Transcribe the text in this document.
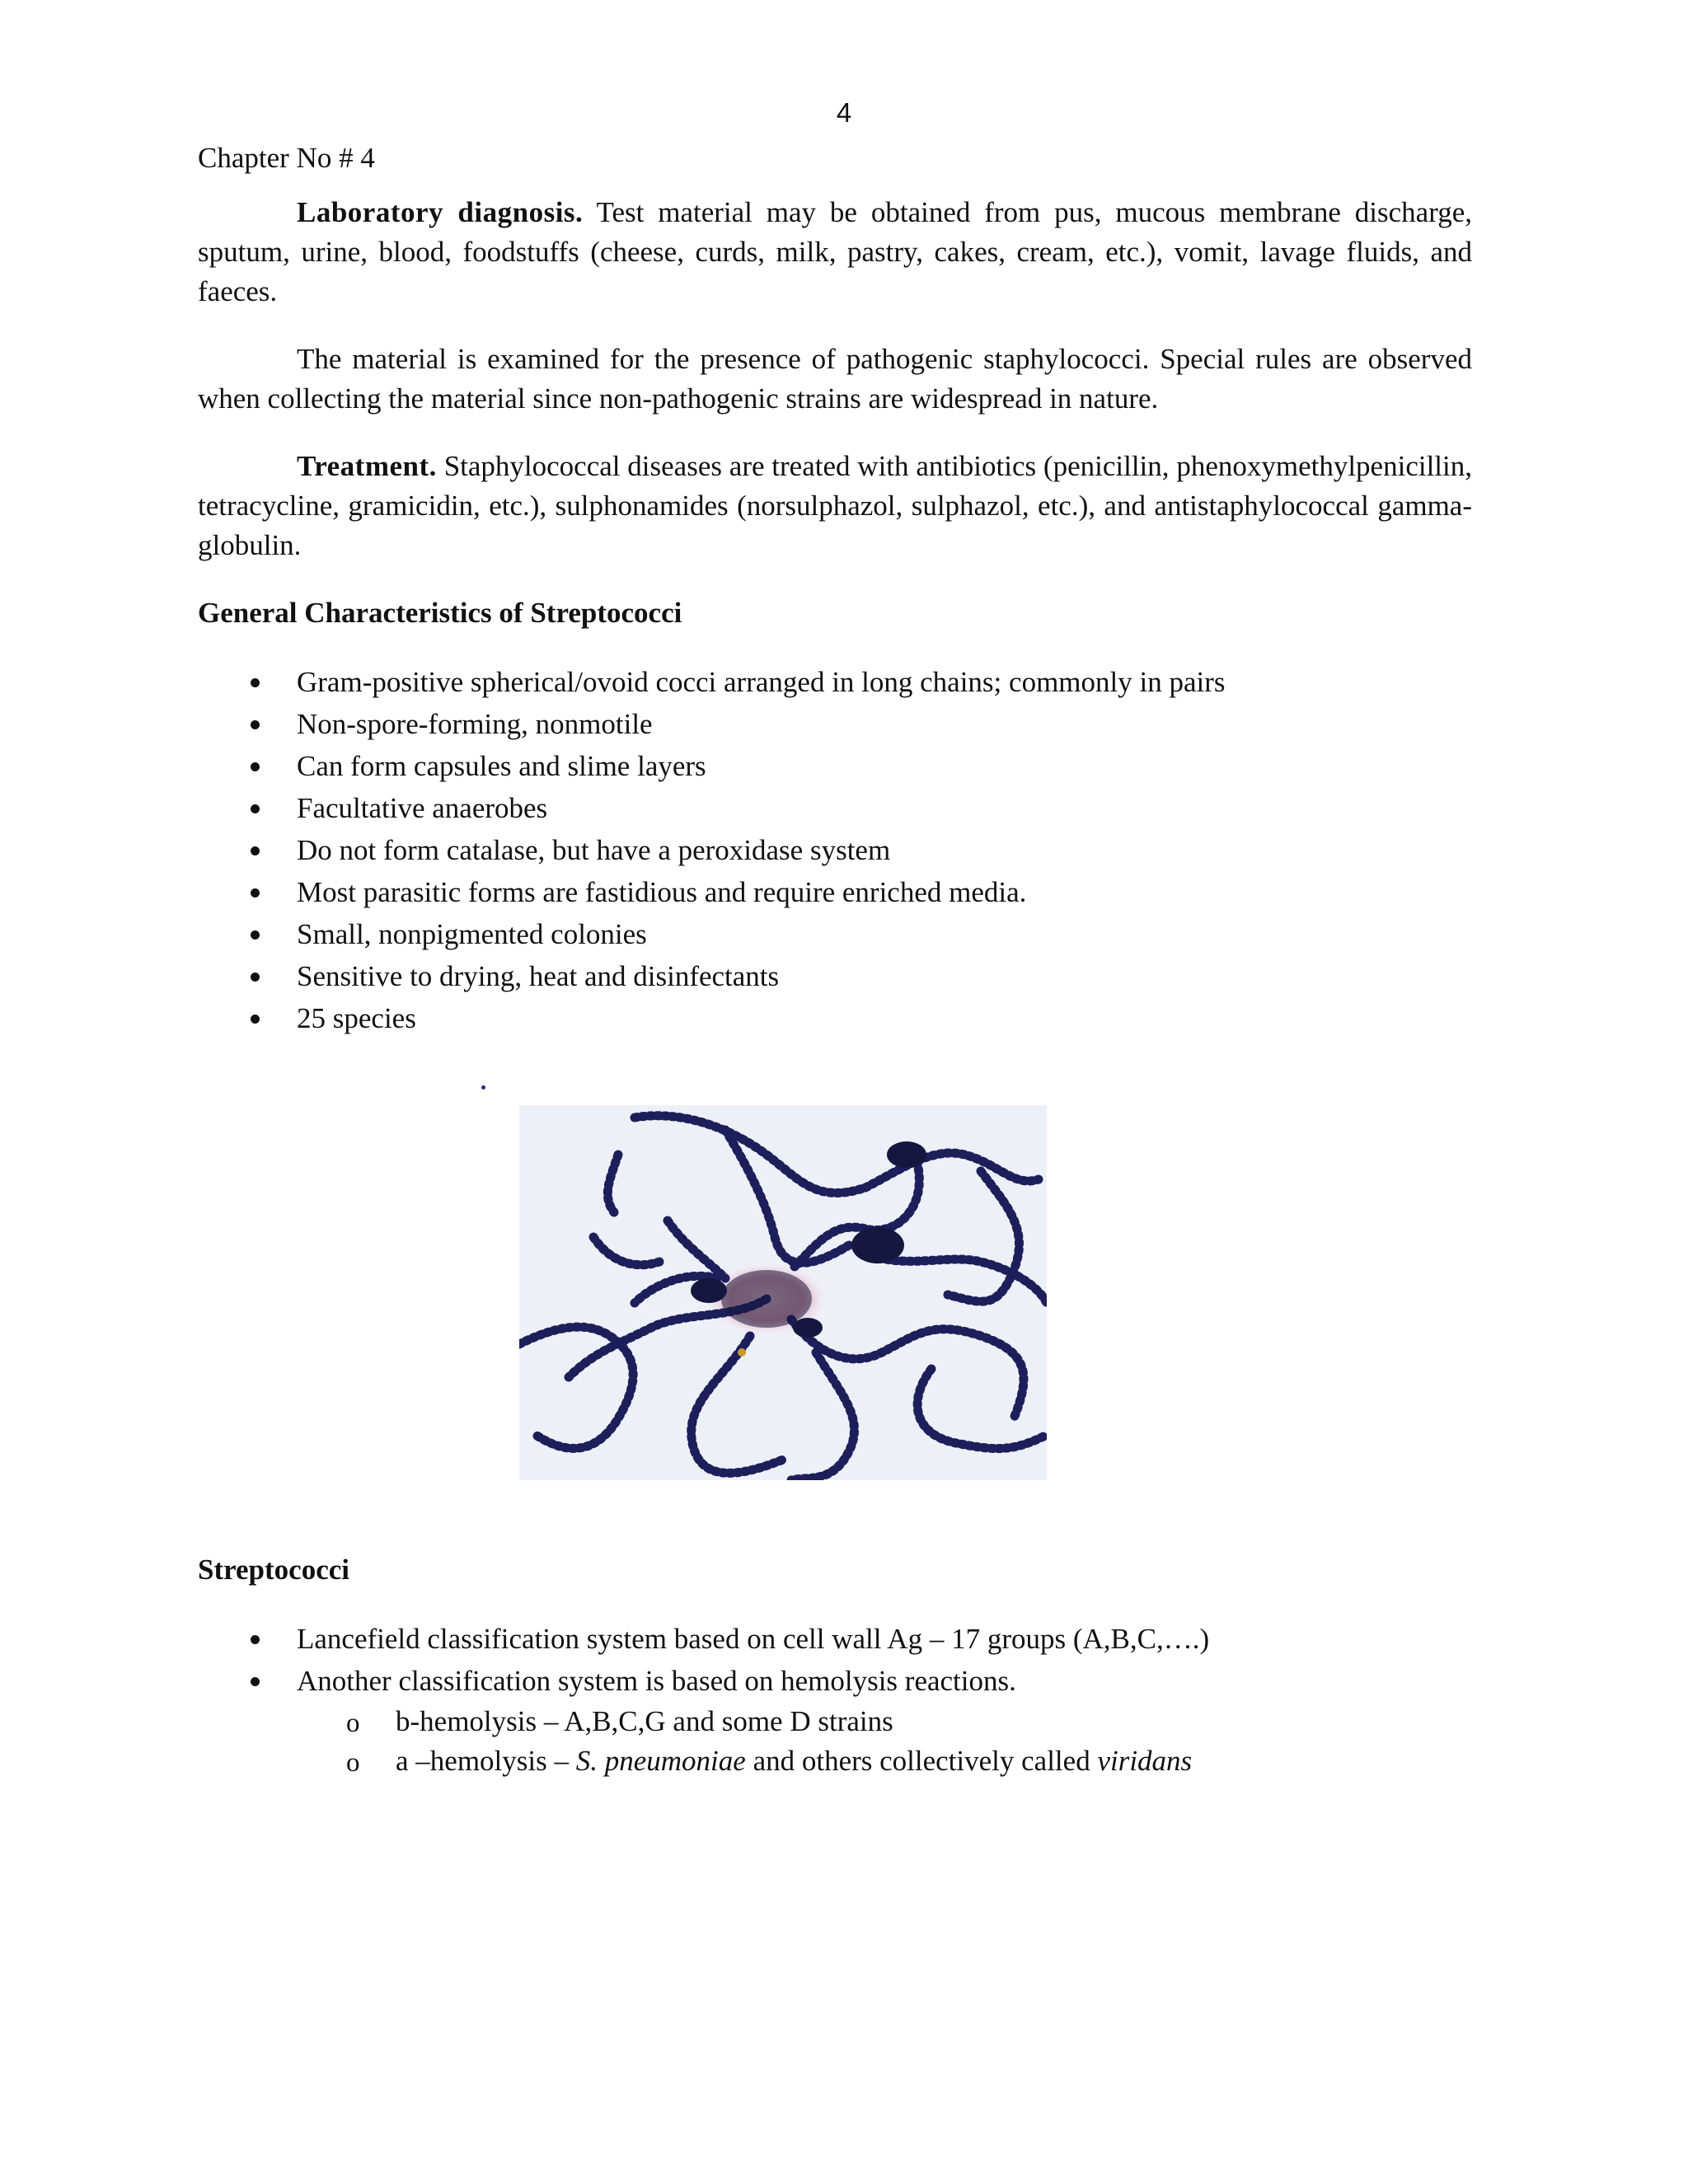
4
Chapter No # 4

Laboratory diagnosis. Test material may be obtained from pus, mucous membrane discharge, sputum, urine, blood, foodstuffs (cheese, curds, milk, pastry, cakes, cream, etc.), vomit, lavage fluids, and faeces.

The material is examined for the presence of pathogenic staphylococci. Special rules are observed when collecting the material since non-pathogenic strains are widespread in nature.

Treatment. Staphylococcal diseases are treated with antibiotics (penicillin, phenoxymethylpenicillin, tetracycline, gramicidin, etc.), sulphonamides (norsulphazol, sulphazol, etc.), and antistaphylococcal gamma-globulin.

General Characteristics of Streptococci
Gram-positive spherical/ovoid cocci arranged in long chains; commonly in pairs
Non-spore-forming, nonmotile
Can form capsules and slime layers
Facultative anaerobes
Do not form catalase, but have a peroxidase system
Most parasitic forms are fastidious and require enriched media.
Small, nonpigmented colonies
Sensitive to drying, heat and disinfectants
25 species
Streptococci
Lancefield classification system based on cell wall Ag – 17 groups (A,B,C,….)
Another classification system is based on hemolysis reactions.
o b-hemolysis – A,B,C,G and some D strains
o a –hemolysis – S. pneumoniae and others collectively called viridans
